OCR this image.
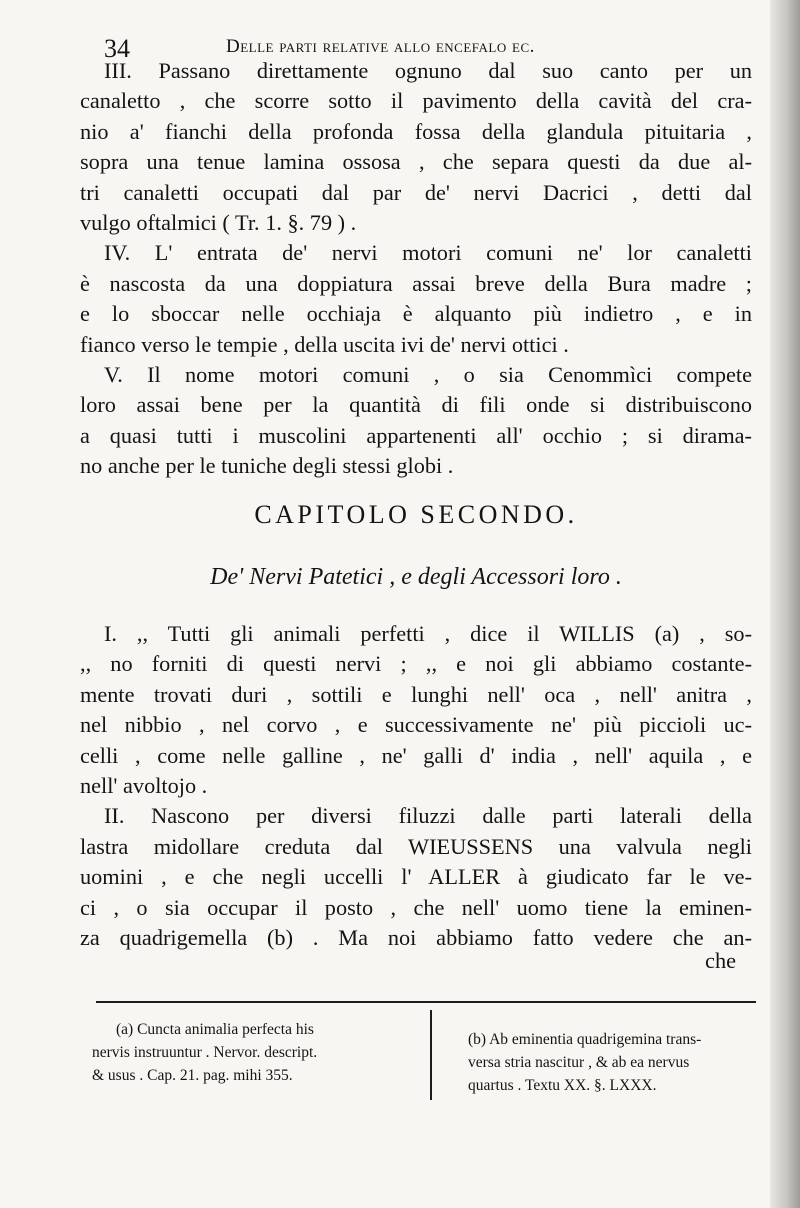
34	Delle parti relative allo encefalo ec.
III. Passano direttamente ognuno dal suo canto per un
canaletto , che scorre sotto il pavimento della cavità del cra-
nio a' fianchi della profonda fossa della glandula pituitaria ,
sopra una tenue lamina ossosa , che separa questi da due al-
tri canaletti occupati dal par de' nervi Dacrici , detti dal
vulgo oftalmici ( Tr. 1. §. 79 ) .
IV. L' entrata de' nervi motori comuni ne' lor canaletti
è nascosta da una doppiatura assai breve della Bura madre ;
e lo sboccar nelle occhiaja è alquanto più indietro , e in
fianco verso le tempie , della uscita ivi de' nervi ottici .
V. Il nome motori comuni , o sia Cenommìci compete
loro assai bene per la quantità di fili onde si distribuiscono
a quasi tutti i muscolini appartenenti all' occhio ; si dirama-
no anche per le tuniche degli stessi globi .
CAPITOLO SECONDO.
De' Nervi Patetici , e degli Accessori loro .
I. ,, Tutti gli animali perfetti , dice il WILLIS (a) , so-
,, no forniti di questi nervi ; ,, e noi gli abbiamo costante-
mente trovati duri , sottili e lunghi nell' oca , nell' anitra ,
nel nibbio , nel corvo , e successivamente ne' più piccioli uc-
celli , come nelle galline , ne' galli d' india , nell' aquila , e
nell' avoltojo .
II. Nascono per diversi filuzzi dalle parti laterali della
lastra midollare creduta dal WIEUSSENS una valvula negli
uomini , e che negli uccelli l' ALLER à giudicato far le ve-
ci , o sia occupar il posto , che nell' uomo tiene la eminen-
za quadrigemella (b) . Ma noi abbiamo fatto vedere che an-
che
(a) Cuncta animalia perfecta his
nervis instruuntur . Nervor. descript.
& usus . Cap. 21. pag. mihi 355.
(b) Ab eminentia quadrigemina trans-
versa stria nascitur , & ab ea nervus
quartus . Textu XX. §. LXXX.
